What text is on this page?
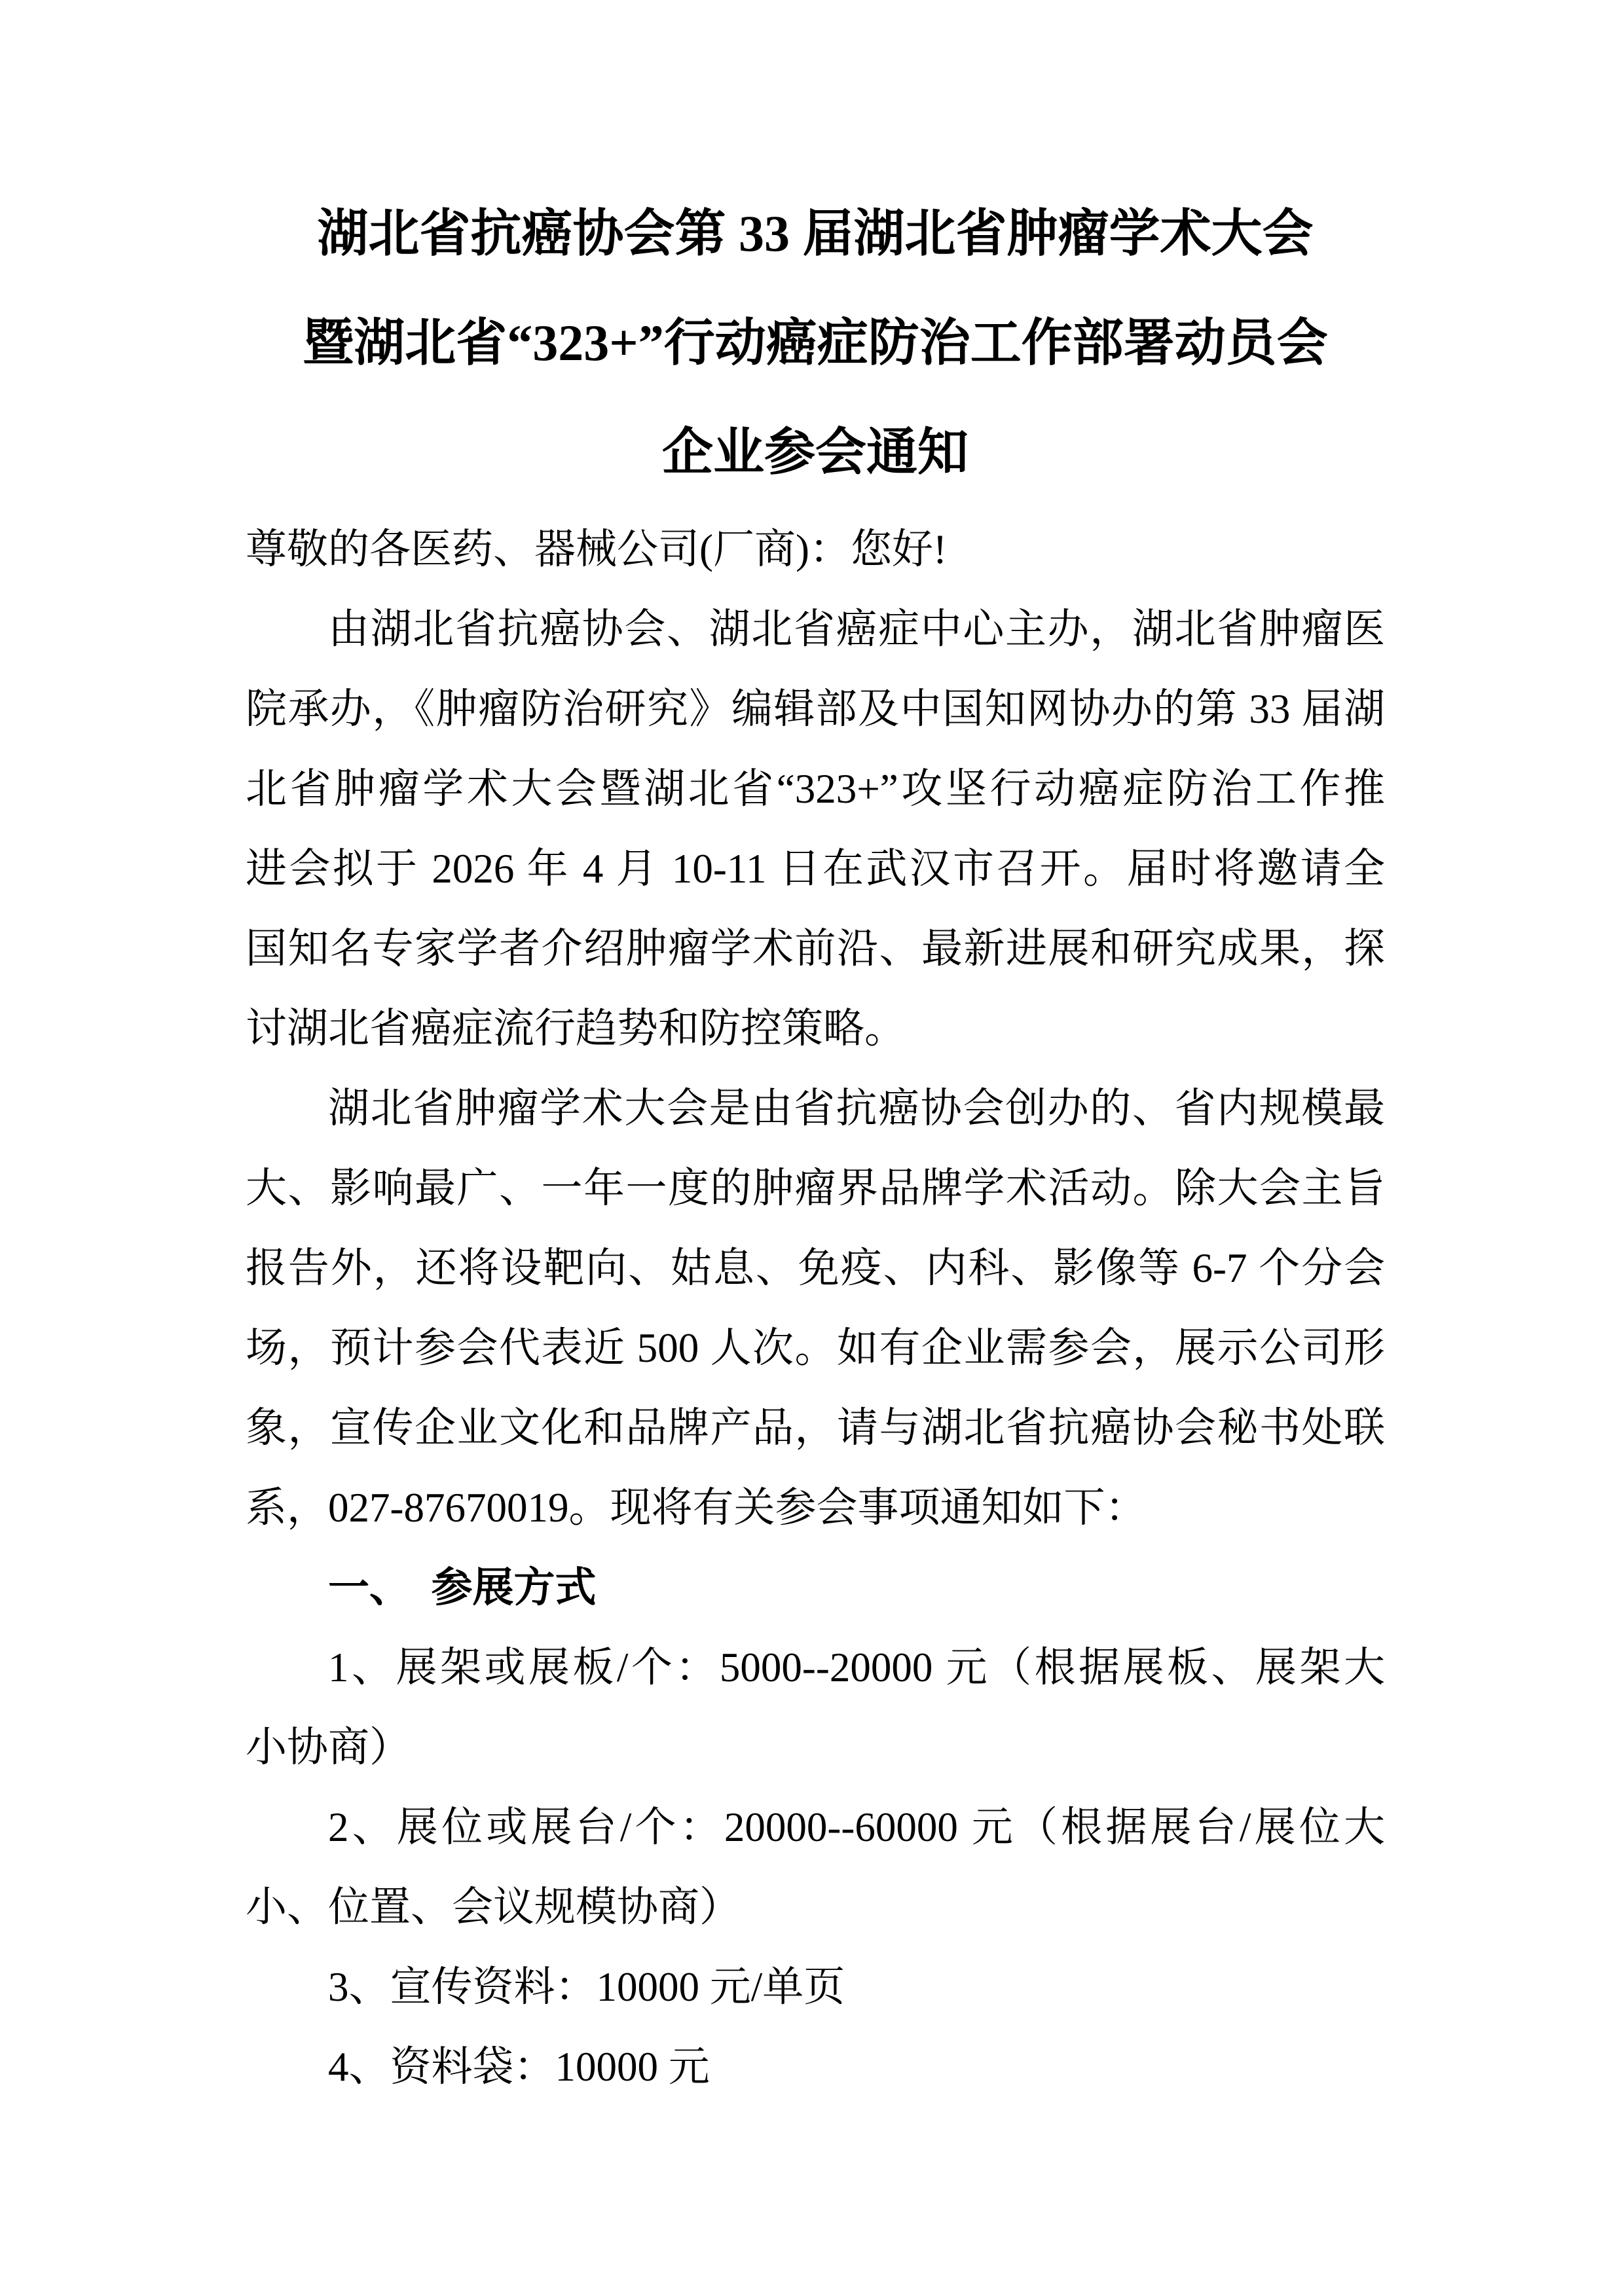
湖北省抗癌协会第 33 届湖北省肿瘤学术大会
暨湖北省“323+”行动癌症防治工作部署动员会
企业参会通知
尊敬的各医药、器械公司(厂商)：您好!
由湖北省抗癌协会、湖北省癌症中心主办，湖北省肿瘤医
院承办，《肿瘤防治研究》编辑部及中国知网协办的第 33 届湖
北省肿瘤学术大会暨湖北省“323+”攻坚行动癌症防治工作推
进会拟于 2026 年 4 月 10-11 日在武汉市召开。届时将邀请全
国知名专家学者介绍肿瘤学术前沿、最新进展和研究成果，探
讨湖北省癌症流行趋势和防控策略。
湖北省肿瘤学术大会是由省抗癌协会创办的、省内规模最
大、影响最广、一年一度的肿瘤界品牌学术活动。除大会主旨
报告外，还将设靶向、姑息、免疫、内科、影像等 6-7 个分会
场，预计参会代表近 500 人次。如有企业需参会，展示公司形
象，宣传企业文化和品牌产品，请与湖北省抗癌协会秘书处联
系，027-87670019。现将有关参会事项通知如下：
一、　参展方式
1、展架或展板/个：5000--20000 元（根据展板、展架大
小协商）
2、展位或展台/个：20000--60000 元（根据展台/展位大
小、位置、会议规模协商）
3、宣传资料：10000 元/单页
4、资料袋：10000 元
